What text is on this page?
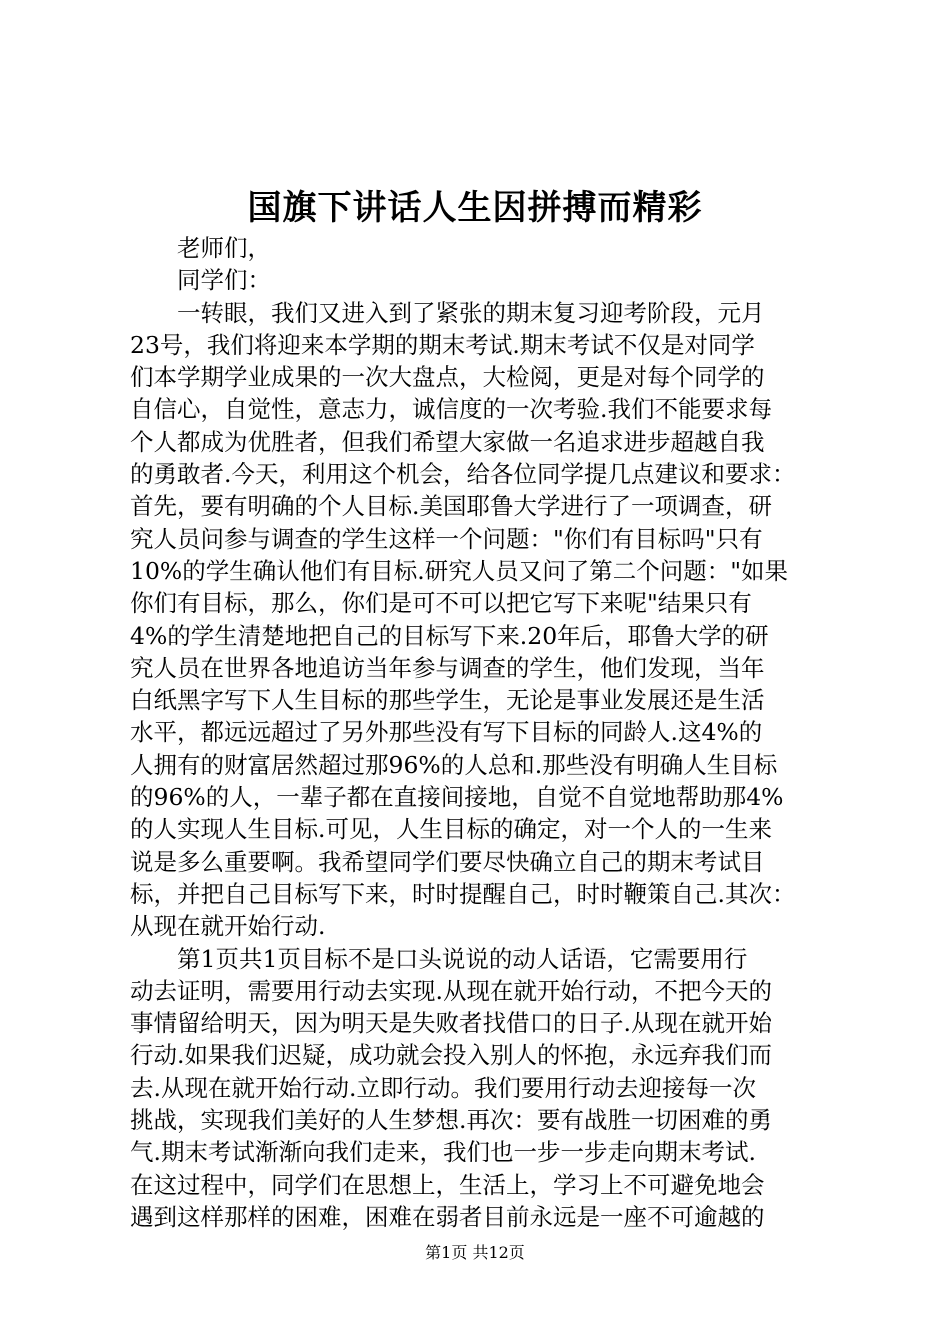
国旗下讲话人生因拼搏而精彩

老师们，

同学们：

一转眼，我们又进入到了紧张的期末复习迎考阶段，元月
23号，我们将迎来本学期的期末考试.期末考试不仅是对同学
们本学期学业成果的一次大盘点，大检阅，更是对每个同学的
自信心，自觉性，意志力，诚信度的一次考验.我们不能要求每
个人都成为优胜者，但我们希望大家做一名追求进步超越自我
的勇敢者.今天，利用这个机会，给各位同学提几点建议和要求：
首先，要有明确的个人目标.美国耶鲁大学进行了一项调查，研
究人员问参与调查的学生这样一个问题："你们有目标吗"只有
10%的学生确认他们有目标.研究人员又问了第二个问题："如果
你们有目标，那么，你们是可不可以把它写下来呢"结果只有
4%的学生清楚地把自己的目标写下来.20年后，耶鲁大学的研
究人员在世界各地追访当年参与调查的学生，他们发现，当年
白纸黑字写下人生目标的那些学生，无论是事业发展还是生活
水平，都远远超过了另外那些没有写下目标的同龄人.这4%的
人拥有的财富居然超过那96%的人总和.那些没有明确人生目标
的96%的人，一辈子都在直接间接地，自觉不自觉地帮助那4%
的人实现人生目标.可见，人生目标的确定，对一个人的一生来
说是多么重要啊。我希望同学们要尽快确立自己的期末考试目
标，并把自己目标写下来，时时提醒自己，时时鞭策自己.其次：
从现在就开始行动.

第1页共1页目标不是口头说说的动人话语，它需要用行
动去证明，需要用行动去实现.从现在就开始行动，不把今天的
事情留给明天，因为明天是失败者找借口的日子.从现在就开始
行动.如果我们迟疑，成功就会投入别人的怀抱，永远弃我们而
去.从现在就开始行动.立即行动。我们要用行动去迎接每一次
挑战，实现我们美好的人生梦想.再次：要有战胜一切困难的勇
气.期末考试渐渐向我们走来，我们也一步一步走向期末考试.
在这过程中，同学们在思想上，生活上，学习上不可避免地会
遇到这样那样的困难，困难在弱者目前永远是一座不可逾越的

第1页 共12页
